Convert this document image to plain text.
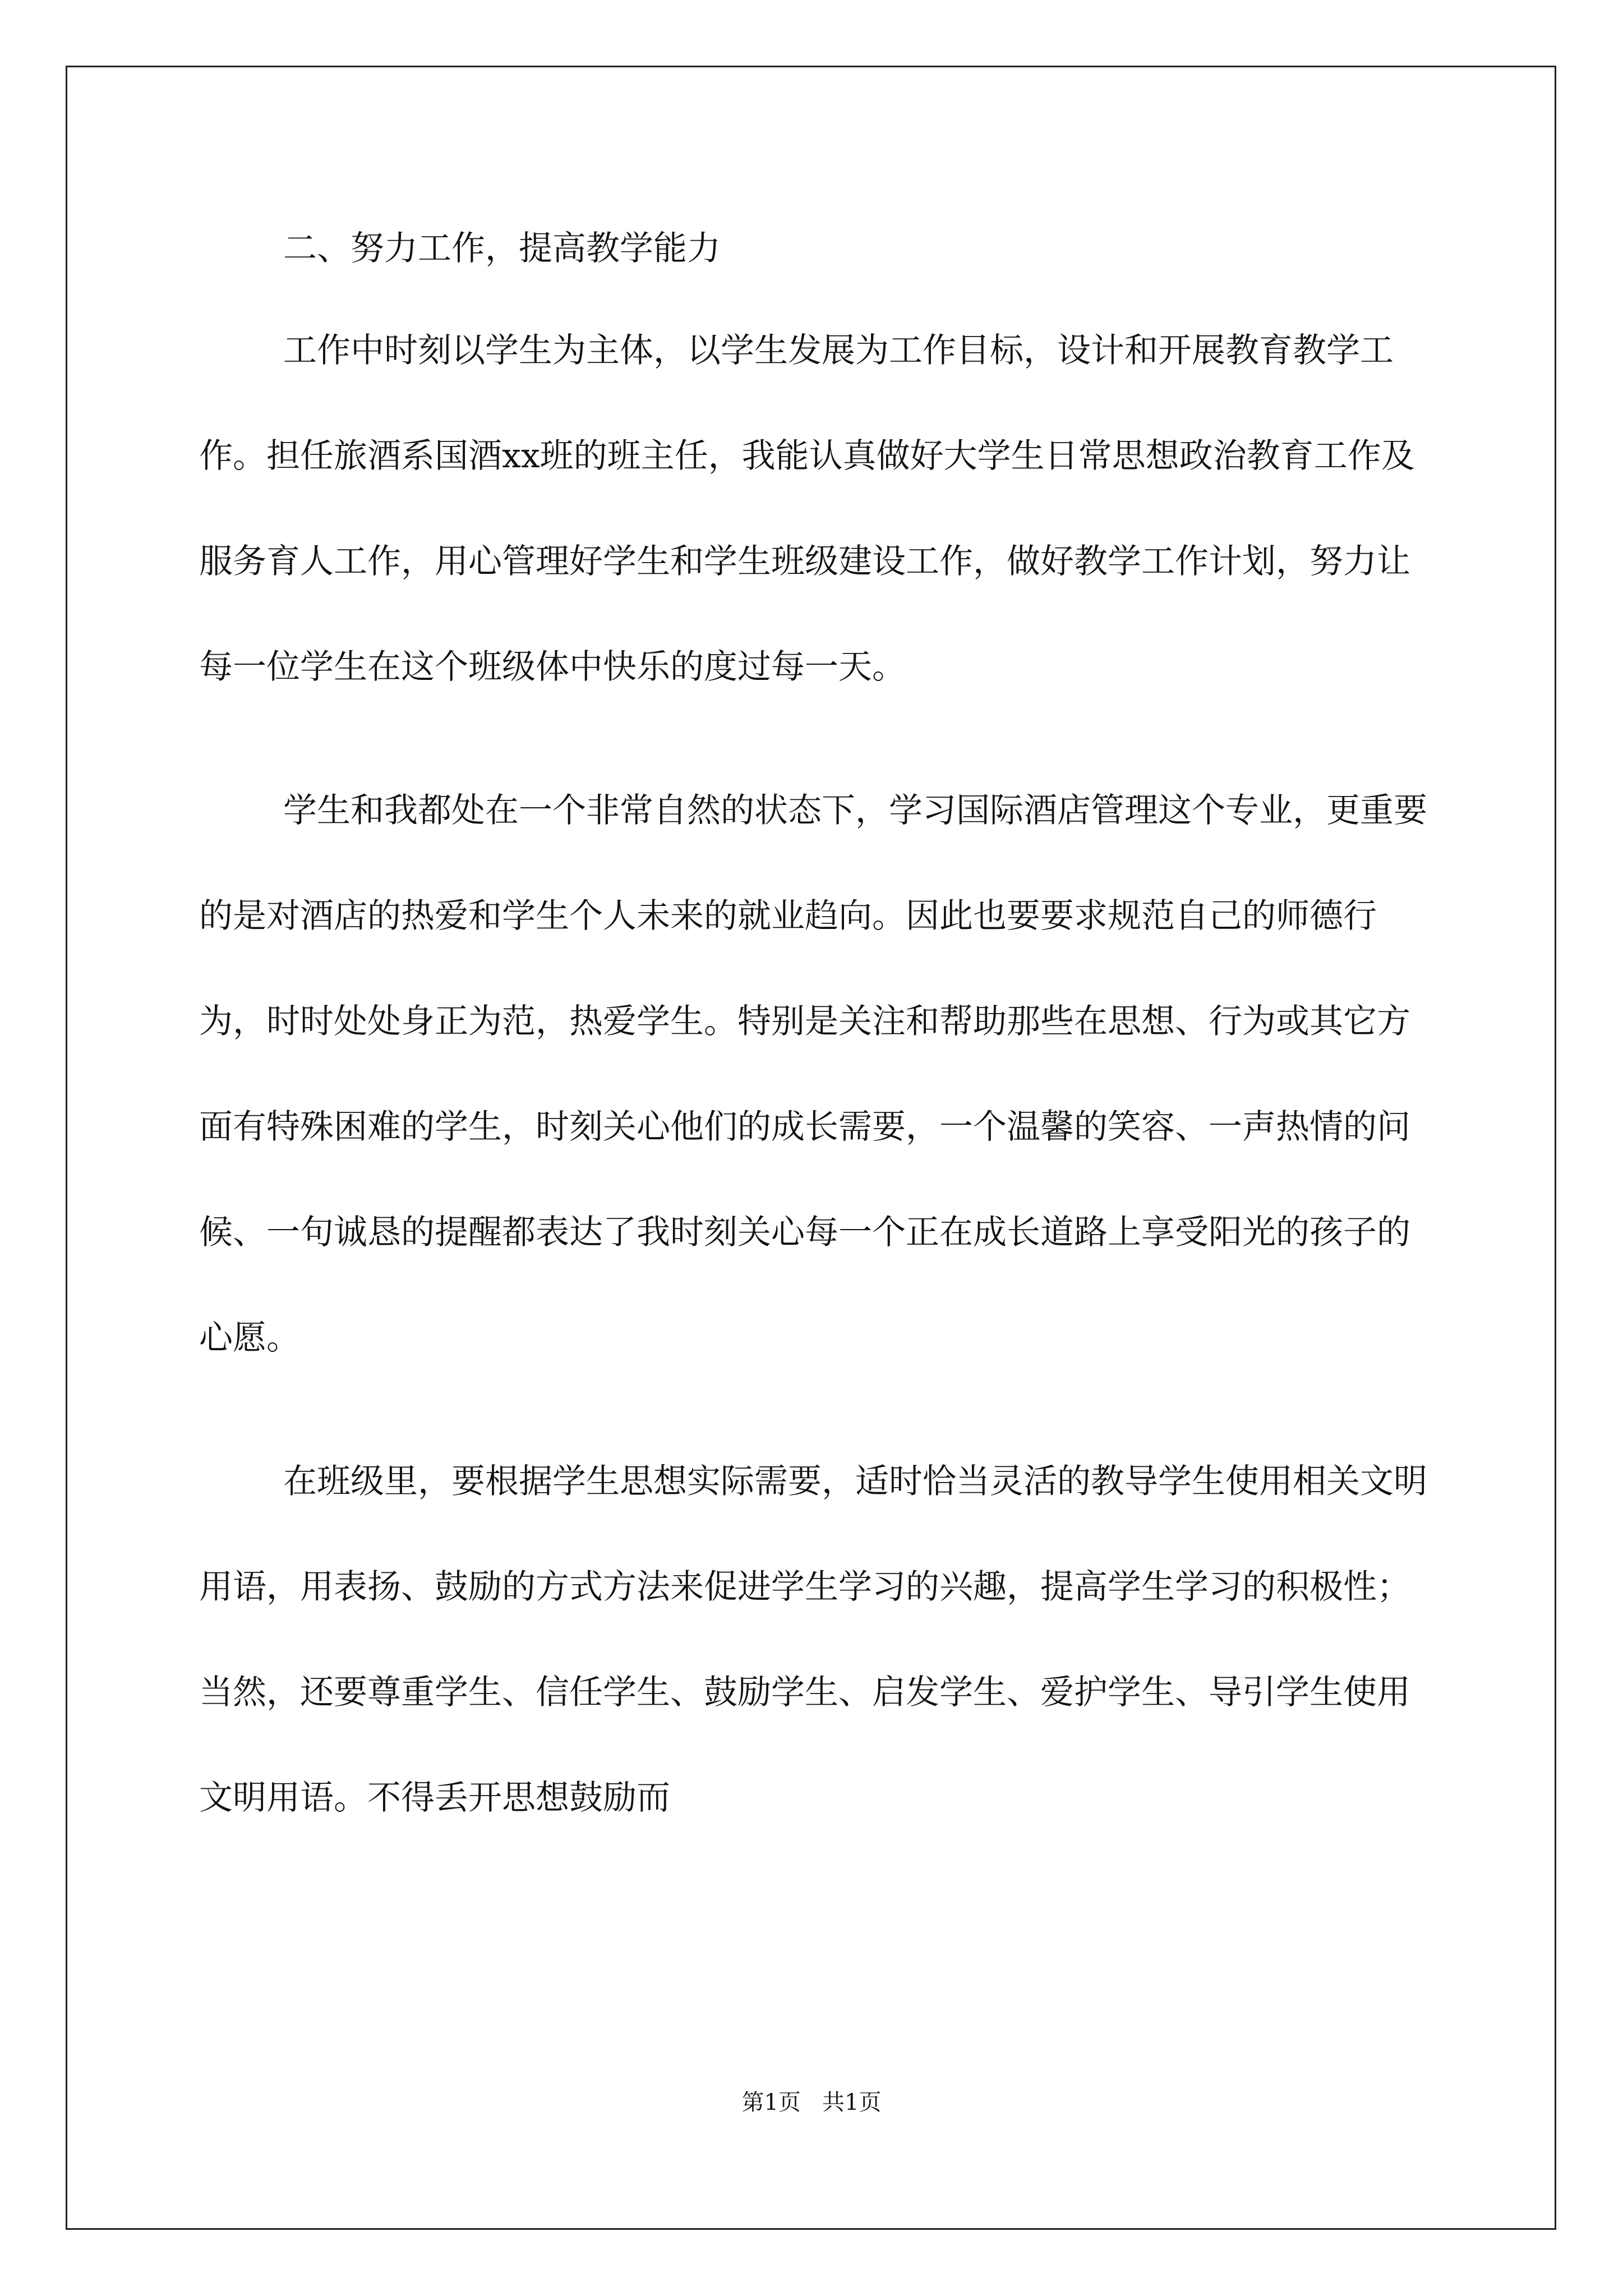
二、努力工作，提高教学能力

工作中时刻以学生为主体，以学生发展为工作目标，设计和开展教育教学工作。担任旅酒系国酒xx班的班主任，我能认真做好大学生日常思想政治教育工作及服务育人工作，用心管理好学生和学生班级建设工作，做好教学工作计划，努力让每一位学生在这个班级体中快乐的度过每一天。

学生和我都处在一个非常自然的状态下，学习国际酒店管理这个专业，更重要的是对酒店的热爱和学生个人未来的就业趋向。因此也要要求规范自己的师德行为，时时处处身正为范，热爱学生。特别是关注和帮助那些在思想、行为或其它方面有特殊困难的学生，时刻关心他们的成长需要，一个温馨的笑容、一声热情的问候、一句诚恳的提醒都表达了我时刻关心每一个正在成长道路上享受阳光的孩子的心愿。

在班级里，要根据学生思想实际需要，适时恰当灵活的教导学生使用相关文明用语，用表扬、鼓励的方式方法来促进学生学习的兴趣，提高学生学习的积极性；当然，还要尊重学生、信任学生、鼓励学生、启发学生、爱护学生、导引学生使用文明用语。不得丢开思想鼓励而

第1页   共1页
